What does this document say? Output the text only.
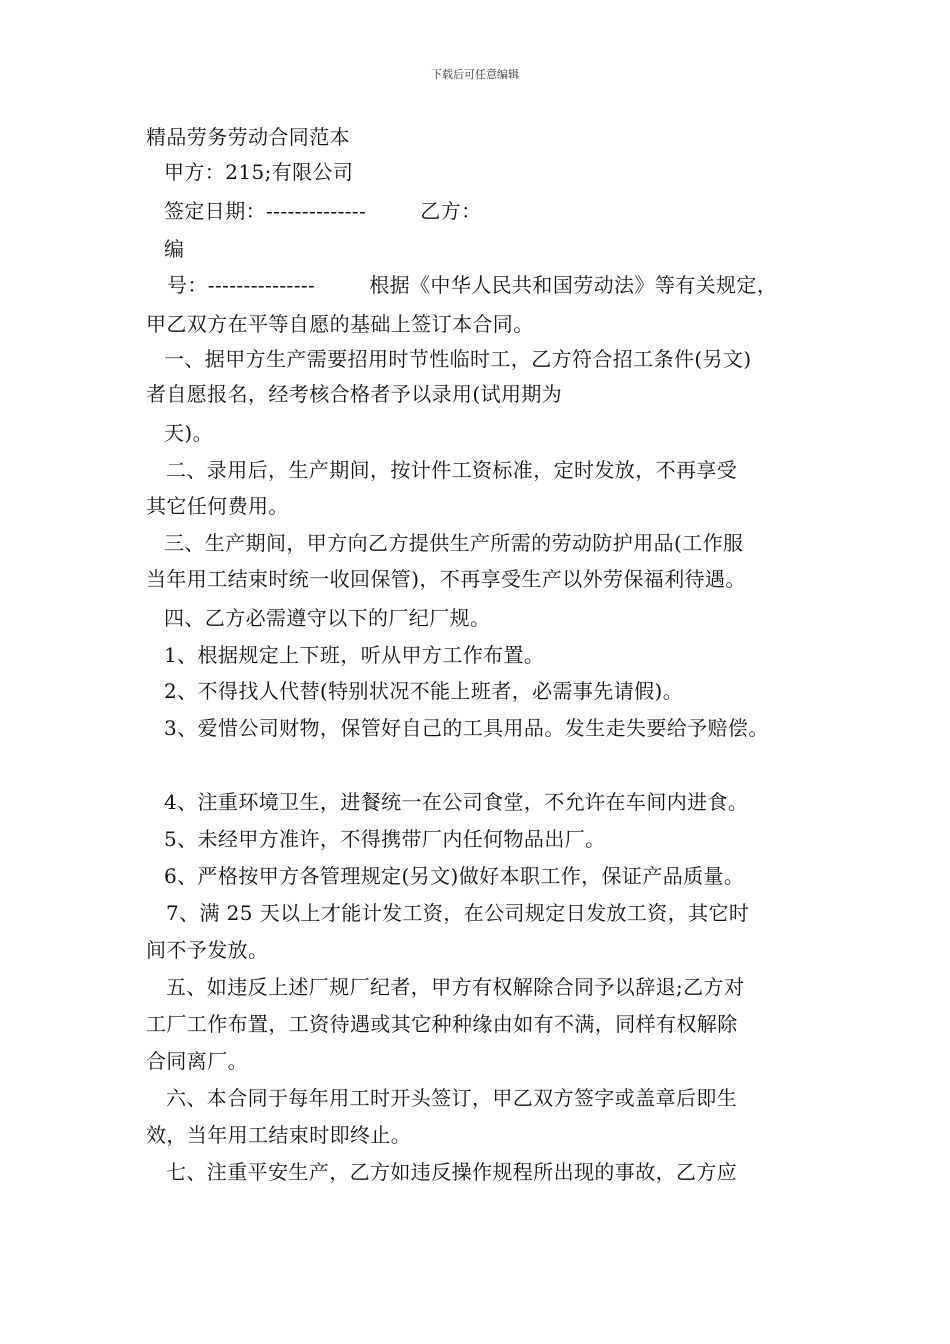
下载后可任意编辑
精品劳务劳动合同范本
甲方：215;有限公司
签定日期：--------------        乙方：
编
号：---------------        根据《中华人民共和国劳动法》等有关规定，
甲乙双方在平等自愿的基础上签订本合同。
一、据甲方生产需要招用时节性临时工，乙方符合招工条件(另文)
者自愿报名，经考核合格者予以录用(试用期为
天)。
二、录用后，生产期间，按计件工资标准，定时发放，不再享受
其它任何费用。
三、生产期间，甲方向乙方提供生产所需的劳动防护用品(工作服
当年用工结束时统一收回保管)，不再享受生产以外劳保福利待遇。
四、乙方必需遵守以下的厂纪厂规。
1、根据规定上下班，听从甲方工作布置。
2、不得找人代替(特别状况不能上班者，必需事先请假)。
3、爱惜公司财物，保管好自己的工具用品。发生走失要给予赔偿。
4、注重环境卫生，进餐统一在公司食堂，不允许在车间内进食。
5、未经甲方准许，不得携带厂内任何物品出厂。
6、严格按甲方各管理规定(另文)做好本职工作，保证产品质量。
7、满 25 天以上才能计发工资，在公司规定日发放工资，其它时
间不予发放。
五、如违反上述厂规厂纪者，甲方有权解除合同予以辞退;乙方对
工厂工作布置，工资待遇或其它种种缘由如有不满，同样有权解除
合同离厂。
六、本合同于每年用工时开头签订，甲乙双方签字或盖章后即生
效，当年用工结束时即终止。
七、注重平安生产，乙方如违反操作规程所出现的事故，乙方应
